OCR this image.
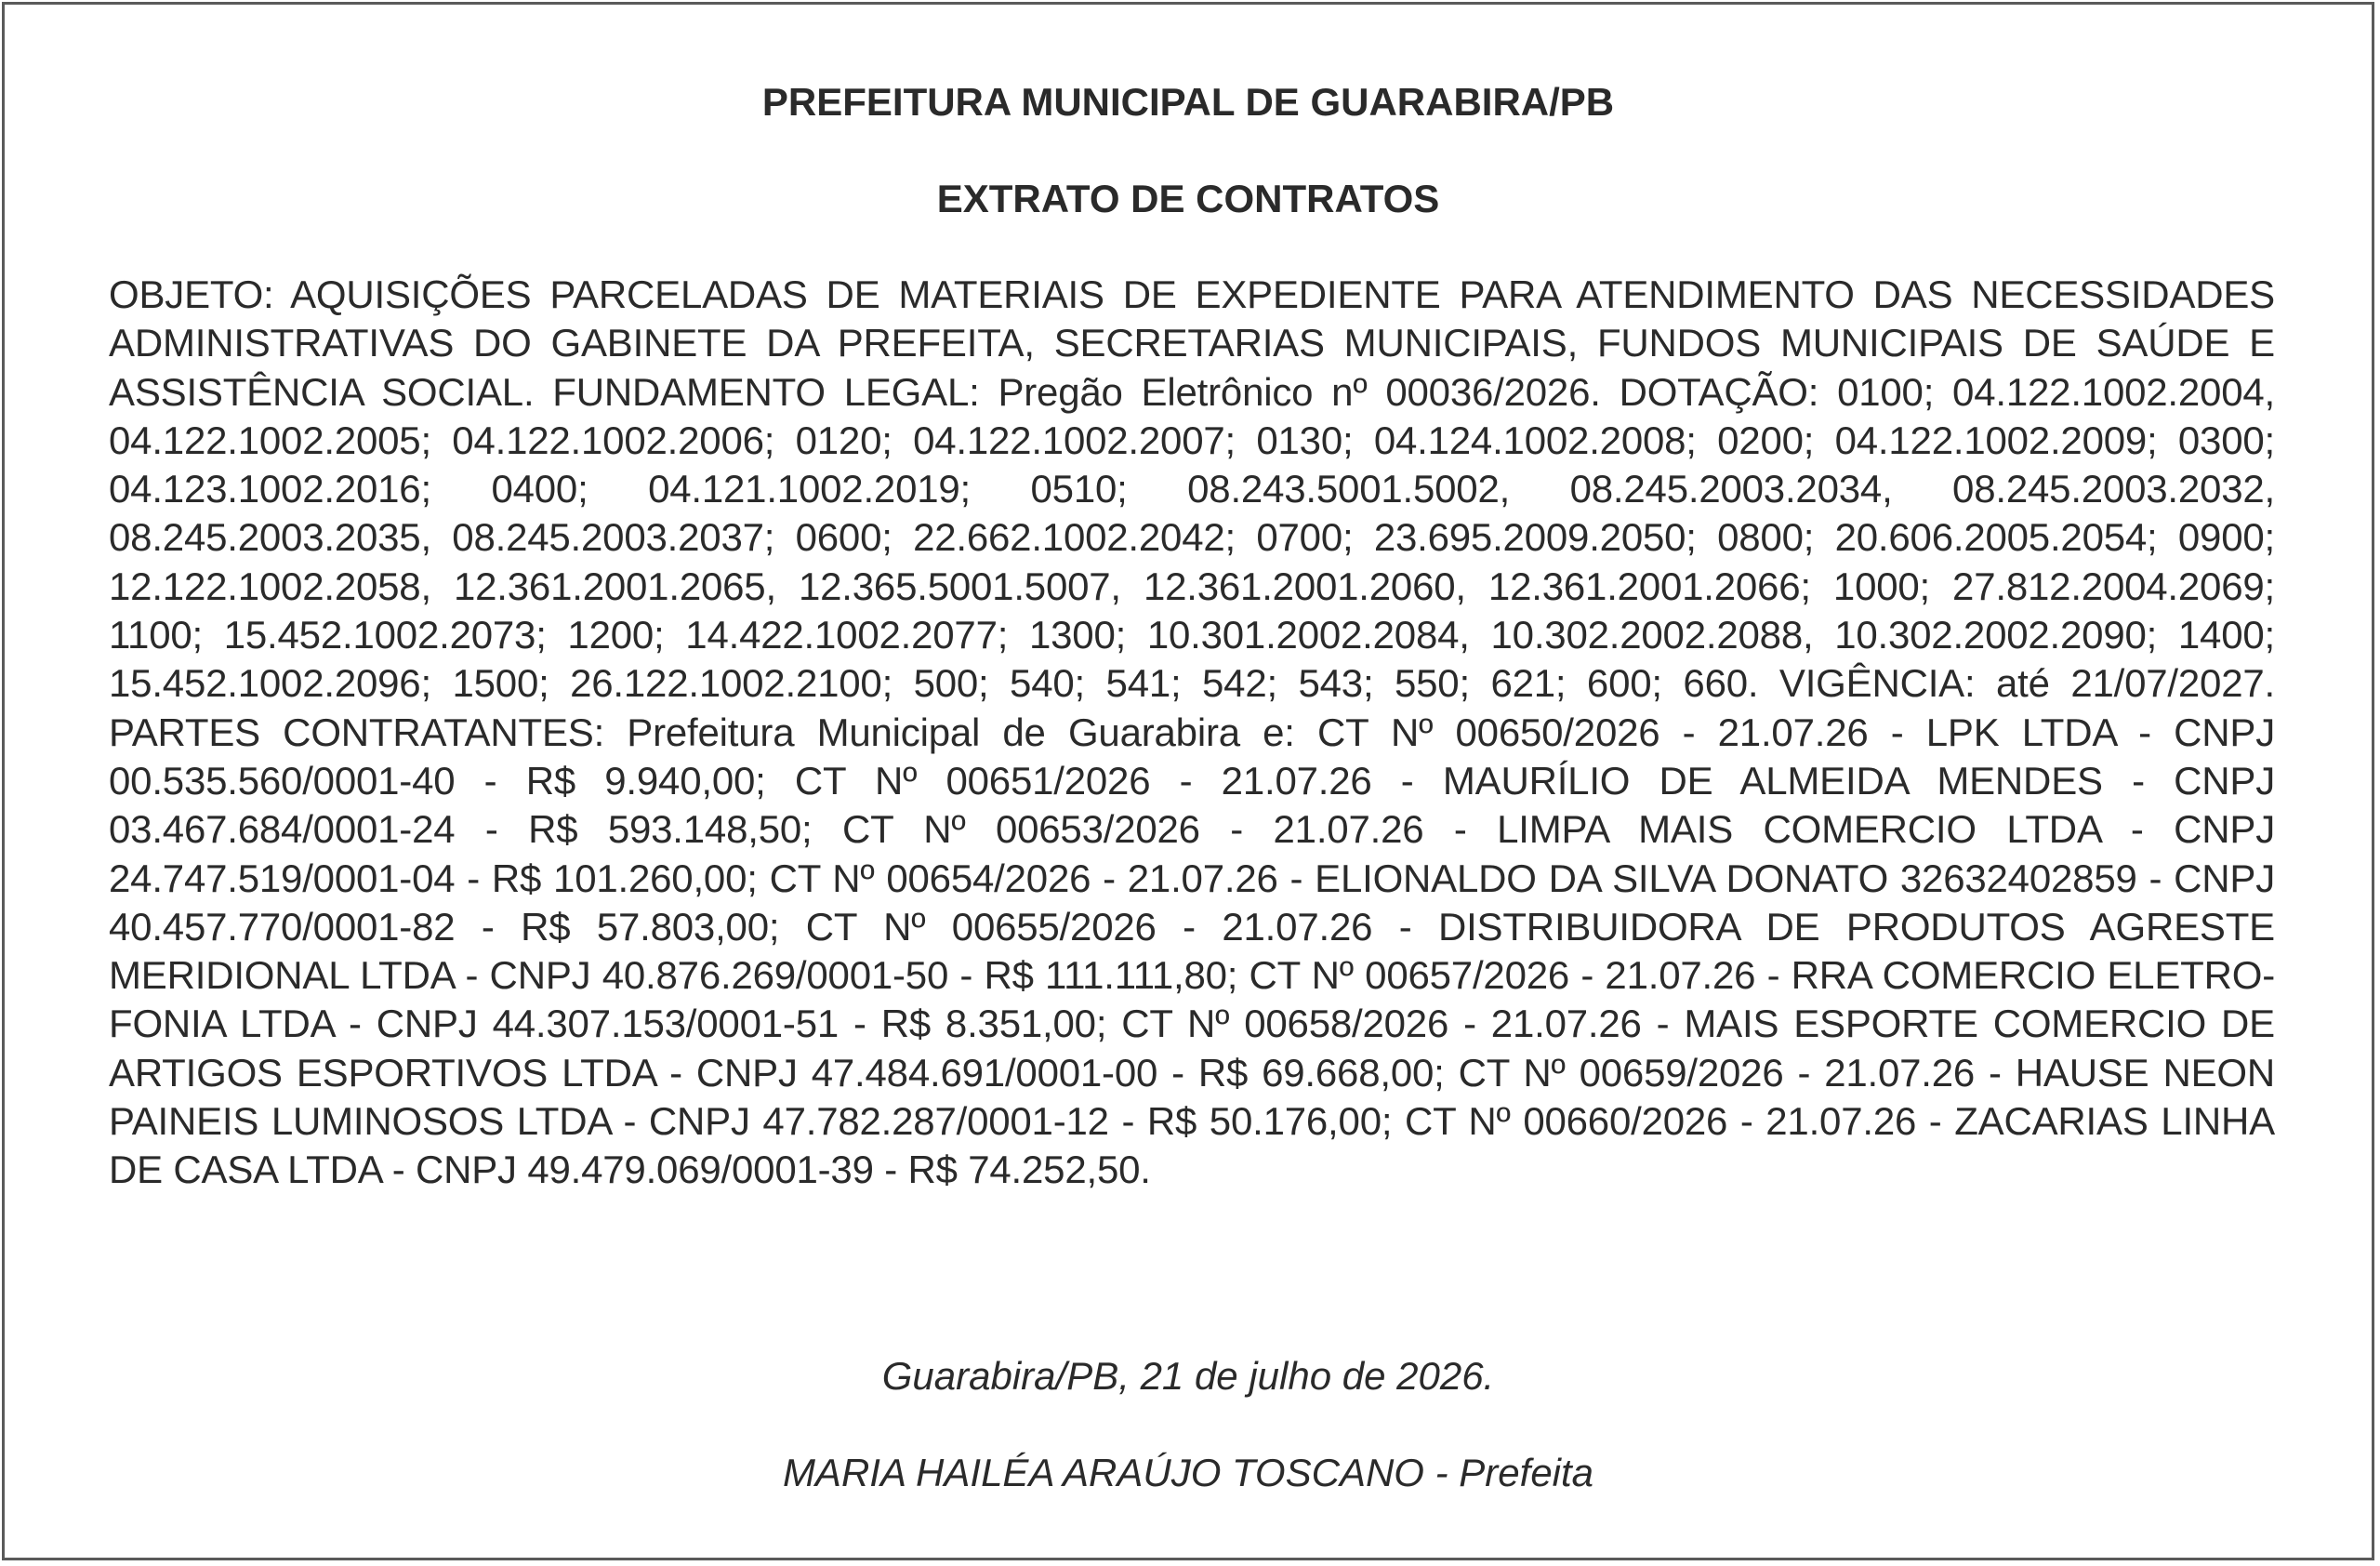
PREFEITURA MUNICIPAL DE GUARABIRA/PB
EXTRATO DE CONTRATOS
OBJETO: AQUISIÇÕES PARCELADAS DE MATERIAIS DE EXPEDIENTE PARA ATENDIMENTO DAS NECESSIDADES ADMINISTRATIVAS DO GABINETE DA PREFEITA, SECRETARIAS MUNICIPAIS, FUNDOS MUNICIPAIS DE SAÚDE E ASSISTÊNCIA SOCIAL. FUNDAMENTO LEGAL: Pregão Eletrônico nº 00036/2026. DOTAÇÃO: 0100; 04.122.1002.2004, 04.122.1002.2005; 04.122.1002.2006; 0120; 04.122.1002.2007; 0130; 04.124.1002.2008; 0200; 04.122.1002.2009; 0300; 04.123.1002.2016; 0400; 04.121.1002.2019; 0510; 08.243.5001.5002, 08.245.2003.2034, 08.245.2003.2032, 08.245.2003.2035, 08.245.2003.2037; 0600; 22.662.1002.2042; 0700; 23.695.2009.2050; 0800; 20.606.2005.2054; 0900; 12.122.1002.2058, 12.361.2001.2065, 12.365.5001.5007, 12.361.2001.2060, 12.361.2001.2066; 1000; 27.812.2004.2069; 1100; 15.452.1002.2073; 1200; 14.422.1002.2077; 1300; 10.301.2002.2084, 10.302.2002.2088, 10.302.2002.2090; 1400; 15.452.1002.2096; 1500; 26.122.1002.2100; 500; 540; 541; 542; 543; 550; 621; 600; 660. VIGÊNCIA: até 21/07/2027. PARTES CONTRATANTES: Prefeitura Municipal de Guarabira e: CT Nº 00650/2026 - 21.07.26 - LPK LTDA - CNPJ 00.535.560/0001-40 - R$ 9.940,00; CT Nº 00651/2026 - 21.07.26 - MAURÍLIO DE ALMEIDA MENDES - CNPJ 03.467.684/0001-24 - R$ 593.148,50; CT Nº 00653/2026 - 21.07.26 - LIMPA MAIS COMERCIO LTDA - CNPJ 24.747.519/0001-04 - R$ 101.260,00; CT Nº 00654/2026 - 21.07.26 - ELIONALDO DA SILVA DONATO 32632402859 - CNPJ 40.457.770/0001-82 - R$ 57.803,00; CT Nº 00655/2026 - 21.07.26 - DISTRIBUIDORA DE PRODUTOS AGRESTE MERIDIONAL LTDA - CNPJ 40.876.269/0001-50 - R$ 111.111,80; CT Nº 00657/2026 - 21.07.26 - RRA COMERCIO ELETRO-FONIA LTDA - CNPJ 44.307.153/0001-51 - R$ 8.351,00; CT Nº 00658/2026 - 21.07.26 - MAIS ESPORTE COMERCIO DE ARTIGOS ESPORTIVOS LTDA - CNPJ 47.484.691/0001-00 - R$ 69.668,00; CT Nº 00659/2026 - 21.07.26 - HAUSE NEON PAINEIS LUMINOSOS LTDA - CNPJ 47.782.287/0001-12 - R$ 50.176,00; CT Nº 00660/2026 - 21.07.26 - ZACARIAS LINHA DE CASA LTDA - CNPJ 49.479.069/0001-39 - R$ 74.252,50.
Guarabira/PB, 21 de julho de 2026.
MARIA HAILÉA ARAÚJO TOSCANO - Prefeita
